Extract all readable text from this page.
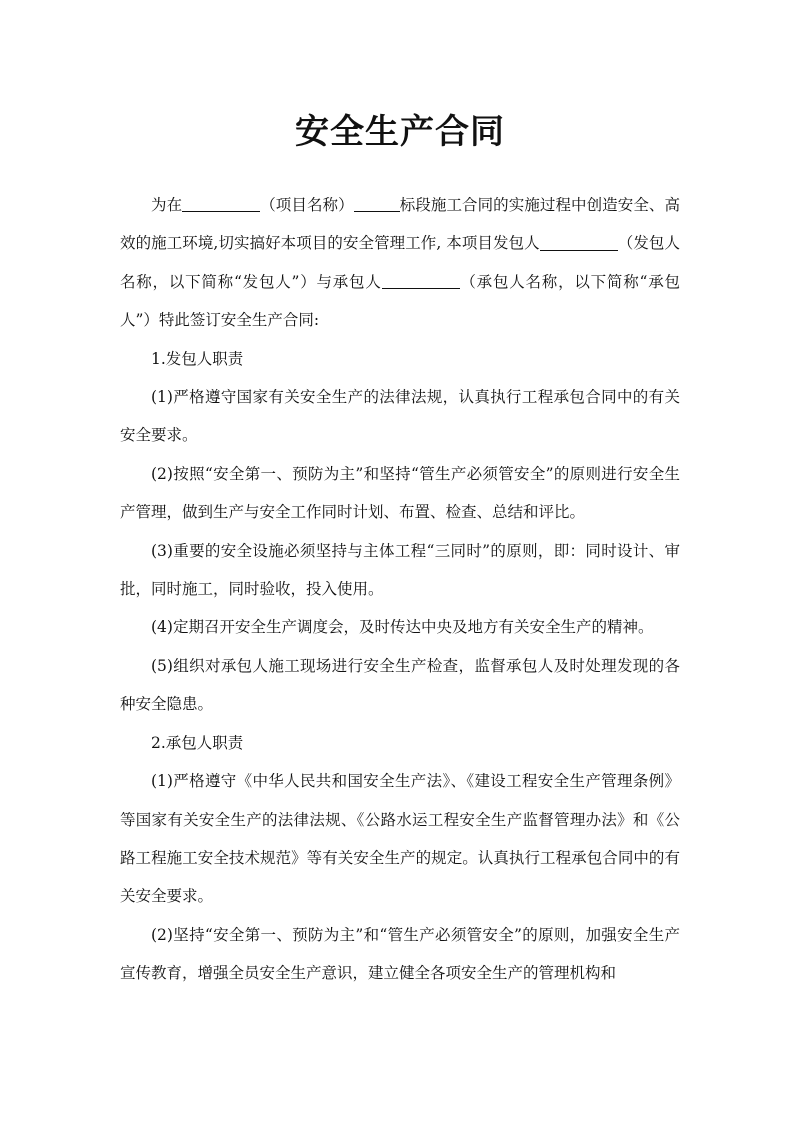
安全生产合同

为在	（项目名称）	标段施工合同的实施过程中创造安全、高效的施工环境,切实搞好本项目的安全管理工作, 本项目发包人	（发包人名称，以下简称“发包人”）与承包人	（承包人名称，以下简称“承包人”）特此签订安全生产合同:

1.发包人职责

(1)严格遵守国家有关安全生产的法律法规，认真执行工程承包合同中的有关安全要求。

(2)按照“安全第一、预防为主”和坚持“管生产必须管安全”的原则进行安全生产管理，做到生产与安全工作同时计划、布置、检查、总结和评比。

(3)重要的安全设施必须坚持与主体工程“三同时”的原则，即：同时设计、审批，同时施工，同时验收，投入使用。

(4)定期召开安全生产调度会，及时传达中央及地方有关安全生产的精神。

(5)组织对承包人施工现场进行安全生产检查，监督承包人及时处理发现的各种安全隐患。

2.承包人职责

(1)严格遵守《中华人民共和国安全生产法》、《建设工程安全生产管理条例》等国家有关安全生产的法律法规、《公路水运工程安全生产监督管理办法》和《公路工程施工安全技术规范》等有关安全生产的规定。认真执行工程承包合同中的有关安全要求。

(2)坚持“安全第一、预防为主”和“管生产必须管安全”的原则，加强安全生产宣传教育，增强全员安全生产意识，建立健全各项安全生产的管理机构和
